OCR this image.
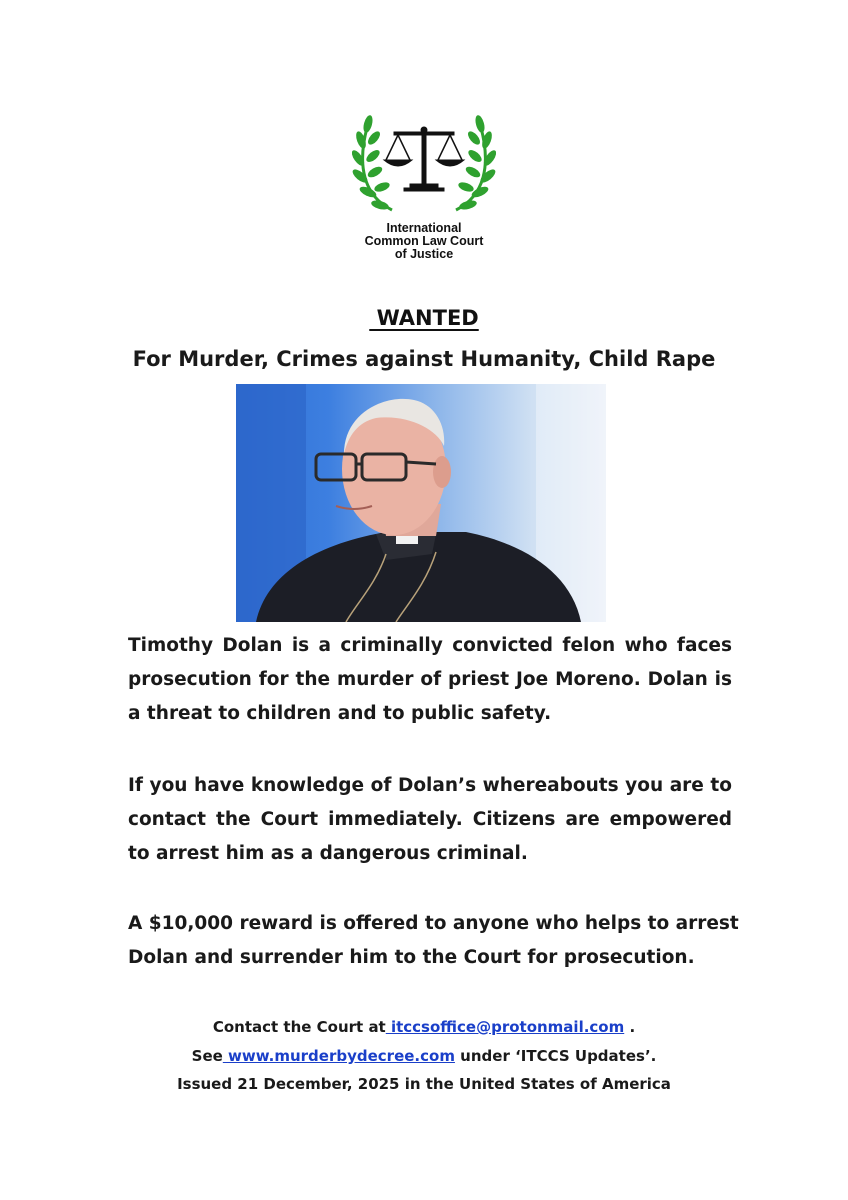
International
Common Law Court
of Justice
WANTED
For Murder, Crimes against Humanity, Child Rape
Timothy Dolan is a criminally convicted felon who faces prosecution for the murder of priest Joe Moreno. Dolan is a threat to children and to public safety.
If you have knowledge of Dolan’s whereabouts you are to contact the Court immediately. Citizens are empowered to arrest him as a dangerous criminal.
A $10,000 reward is offered to anyone who helps to arrest
Dolan and surrender him to the Court for prosecution.
Contact the Court at itccsoffice@protonmail.com .
See www.murderbydecree.com under ‘ITCCS Updates’.
Issued 21 December, 2025 in the United States of America
